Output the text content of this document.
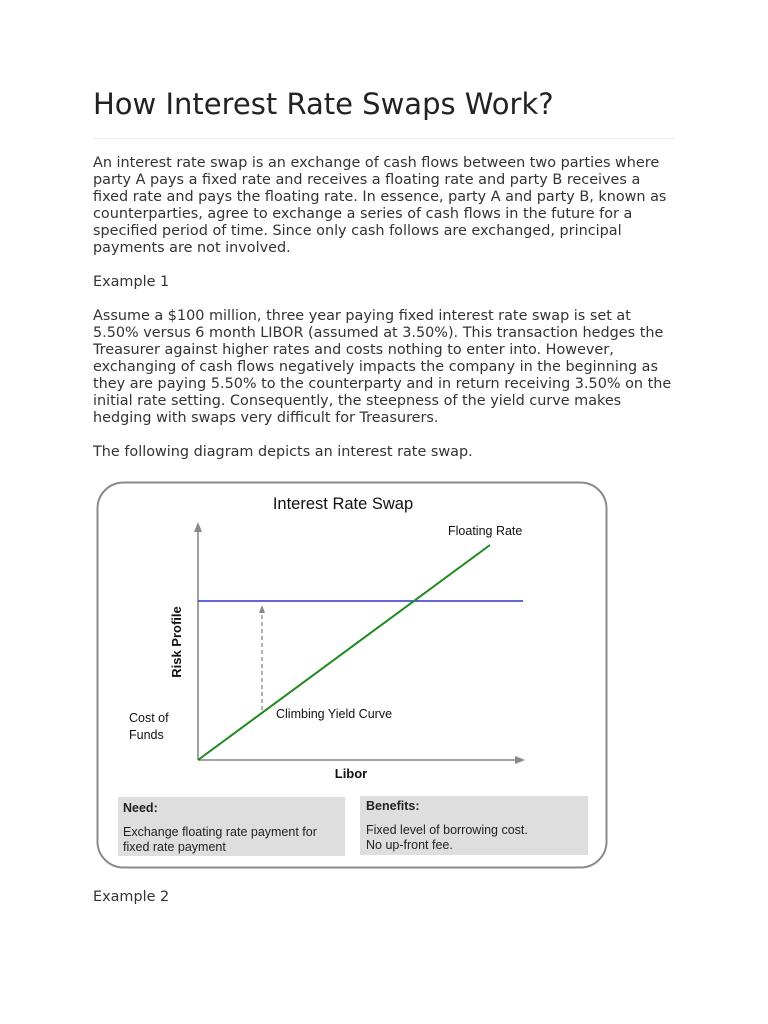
How Interest Rate Swaps Work?

An interest rate swap is an exchange of cash flows between two parties where party A pays a fixed rate and receives a floating rate and party B receives a fixed rate and pays the floating rate. In essence, party A and party B, known as counterparties, agree to exchange a series of cash flows in the future for a specified period of time. Since only cash follows are exchanged, principal payments are not involved.

Example 1

Assume a $100 million, three year paying fixed interest rate swap is set at 5.50% versus 6 month LIBOR (assumed at 3.50%). This transaction hedges the Treasurer against higher rates and costs nothing to enter into. However, exchanging of cash flows negatively impacts the company in the beginning as they are paying 5.50% to the counterparty and in return receiving 3.50% on the initial rate setting. Consequently, the steepness of the yield curve makes hedging with swaps very difficult for Treasurers.

The following diagram depicts an interest rate swap.

Example 2

Interest Rate Swap
Floating Rate
Risk Profile
Libor
Cost of
Funds
Climbing Yield Curve
Need:
Exchange floating rate payment for
fixed rate payment
Benefits:
Fixed level of borrowing cost.
No up-front fee.
